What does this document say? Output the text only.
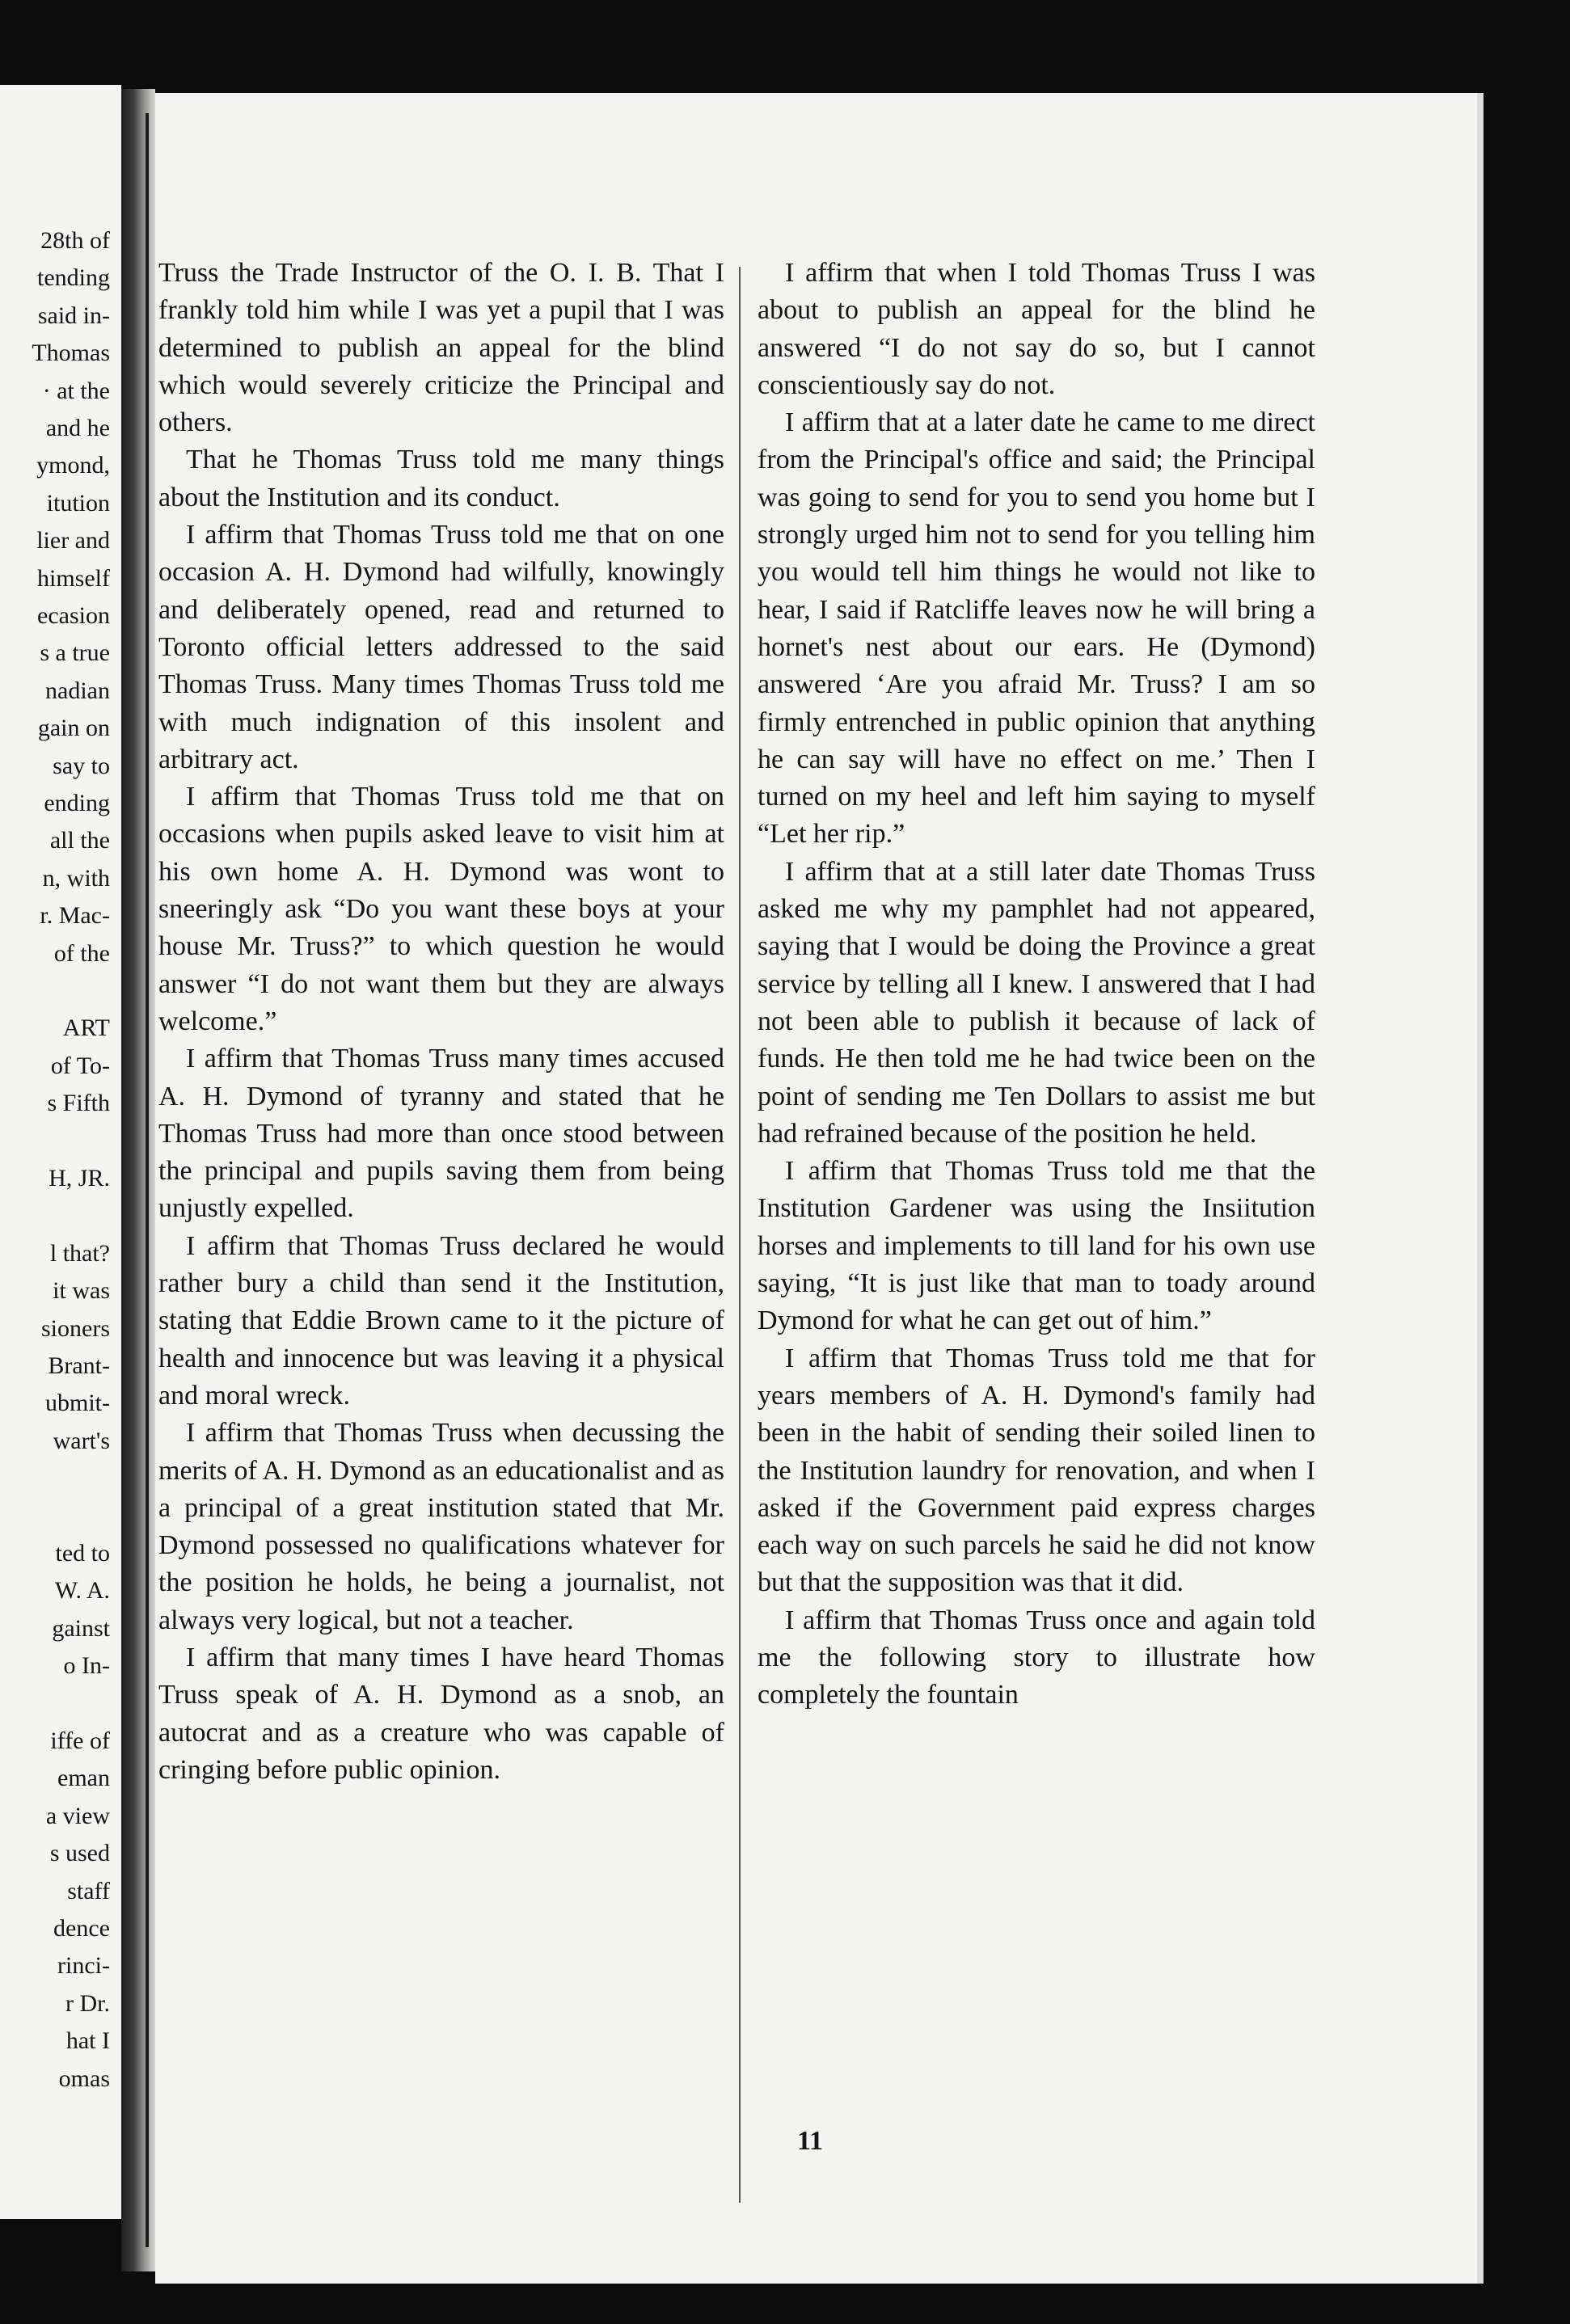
28th of
tending
said in-
Thomas
· at the
and he
ymond,
itution
lier and
himself
ecasion
s a true
nadian
gain on
say to
ending
all the
n, with
r. Mac-
of the
ART
of To-
s Fifth
H, JR.
l that?
it was
sioners
Brant-
ubmit-
wart's
ted to
W. A.
gainst
o In-
iffe of
eman
a view
s used
staff
dence
rinci-
r Dr.
hat I
omas

Truss the Trade Instructor of the O. I. B. That I frankly told him while I was yet a pupil that I was determined to publish an appeal for the blind which would severely criticize the Principal and others.

That he Thomas Truss told me many things about the Institution and its conduct.

I affirm that Thomas Truss told me that on one occasion A. H. Dymond had wilfully, knowingly and deliberately opened, read and returned to Toronto official letters addressed to the said Thomas Truss. Many times Thomas Truss told me with much indignation of this insolent and arbitrary act.

I affirm that Thomas Truss told me that on occasions when pupils asked leave to visit him at his own home A. H. Dymond was wont to sneeringly ask “Do you want these boys at your house Mr. Truss?” to which question he would answer “I do not want them but they are always welcome.”

I affirm that Thomas Truss many times accused A. H. Dymond of tyranny and stated that he Thomas Truss had more than once stood between the principal and pupils saving them from being unjustly expelled.

I affirm that Thomas Truss declared he would rather bury a child than send it the Institution, stating that Eddie Brown came to it the picture of health and innocence but was leaving it a physical and moral wreck.

I affirm that Thomas Truss when decussing the merits of A. H. Dymond as an educationalist and as a principal of a great institution stated that Mr. Dymond possessed no qualifications whatever for the position he holds, he being a journalist, not always very logical, but not a teacher.

I affirm that many times I have heard Thomas Truss speak of A. H. Dymond as a snob, an autocrat and as a creature who was capable of cringing before public opinion.

I affirm that when I told Thomas Truss I was about to publish an appeal for the blind he answered “I do not say do so, but I cannot conscientiously say do not.

I affirm that at a later date he came to me direct from the Principal's office and said; the Principal was going to send for you to send you home but I strongly urged him not to send for you telling him you would tell him things he would not like to hear, I said if Ratcliffe leaves now he will bring a hornet's nest about our ears. He (Dymond) answered ‘Are you afraid Mr. Truss? I am so firmly entrenched in public opinion that anything he can say will have no effect on me.’ Then I turned on my heel and left him saying to myself “Let her rip.”

I affirm that at a still later date Thomas Truss asked me why my pamphlet had not appeared, saying that I would be doing the Province a great service by telling all I knew. I answered that I had not been able to publish it because of lack of funds. He then told me he had twice been on the point of sending me Ten Dollars to assist me but had refrained because of the position he held.

I affirm that Thomas Truss told me that the Institution Gardener was using the Insiitution horses and implements to till land for his own use saying, “It is just like that man to toady around Dymond for what he can get out of him.”

I affirm that Thomas Truss told me that for years members of A. H. Dymond's family had been in the habit of sending their soiled linen to the Institution laundry for renovation, and when I asked if the Government paid express charges each way on such parcels he said he did not know but that the supposition was that it did.

I affirm that Thomas Truss once and again told me the following story to illustrate how completely the fountain

11
